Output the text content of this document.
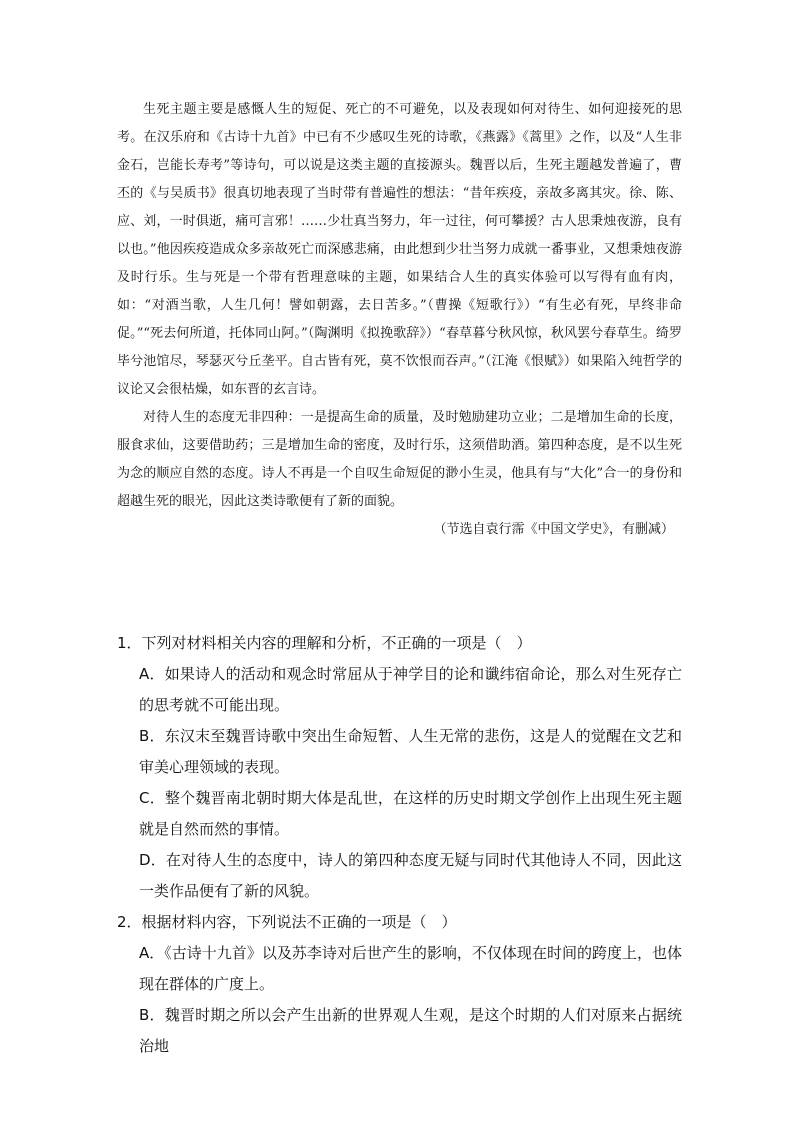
生死主题主要是感慨人生的短促、死亡的不可避免，以及表现如何对待生、如何迎接死的思考。在汉乐府和《古诗十九首》中已有不少感叹生死的诗歌，《燕露》《蒿里》之作，以及“人生非金石，岂能长寿考”等诗句，可以说是这类主题的直接源头。魏晋以后，生死主题越发普遍了，曹丕的《与吴质书》很真切地表现了当时带有普遍性的想法：“昔年疾疫，亲故多离其灾。徐、陈、应、刘，一时俱逝，痛可言邪！……少壮真当努力，年一过往，何可攀援？古人思秉烛夜游，良有以也。”他因疾疫造成众多亲故死亡而深感悲痛，由此想到少壮当努力成就一番事业，又想秉烛夜游及时行乐。生与死是一个带有哲理意味的主题，如果结合人生的真实体验可以写得有血有肉，如：“对酒当歌，人生几何！譬如朝露，去日苦多。”（曹操《短歌行》）“有生必有死，早终非命促。”“死去何所道，托体同山阿。”（陶渊明《拟挽歌辞》）“春草暮兮秋风惊，秋风罢兮春草生。绮罗毕兮池馆尽，琴瑟灭兮丘垄平。自古皆有死，莫不饮恨而吞声。”（江淹《恨赋》）如果陷入纯哲学的议论又会很枯燥，如东晋的玄言诗。

对待人生的态度无非四种：一是提高生命的质量，及时勉励建功立业；二是增加生命的长度，服食求仙，这要借助药；三是增加生命的密度，及时行乐，这须借助酒。第四种态度，是不以生死为念的顺应自然的态度。诗人不再是一个自叹生命短促的渺小生灵，他具有与“大化”合一的身份和超越生死的眼光，因此这类诗歌便有了新的面貌。

（节选自袁行霈《中国文学史》，有删减）

1．下列对材料相关内容的理解和分析，不正确的一项是（　）

A．如果诗人的活动和观念时常屈从于神学目的论和谶纬宿命论，那么对生死存亡的思考就不可能出现。

B．东汉末至魏晋诗歌中突出生命短暂、人生无常的悲伤，这是人的觉醒在文艺和审美心理领域的表现。

C．整个魏晋南北朝时期大体是乱世，在这样的历史时期文学创作上出现生死主题就是自然而然的事情。

D．在对待人生的态度中，诗人的第四种态度无疑与同时代其他诗人不同，因此这一类作品便有了新的风貌。

2．根据材料内容，下列说法不正确的一项是（　）

A．《古诗十九首》以及苏李诗对后世产生的影响，不仅体现在时间的跨度上，也体现在群体的广度上。

B．魏晋时期之所以会产生出新的世界观人生观，是这个时期的人们对原来占据统治地
